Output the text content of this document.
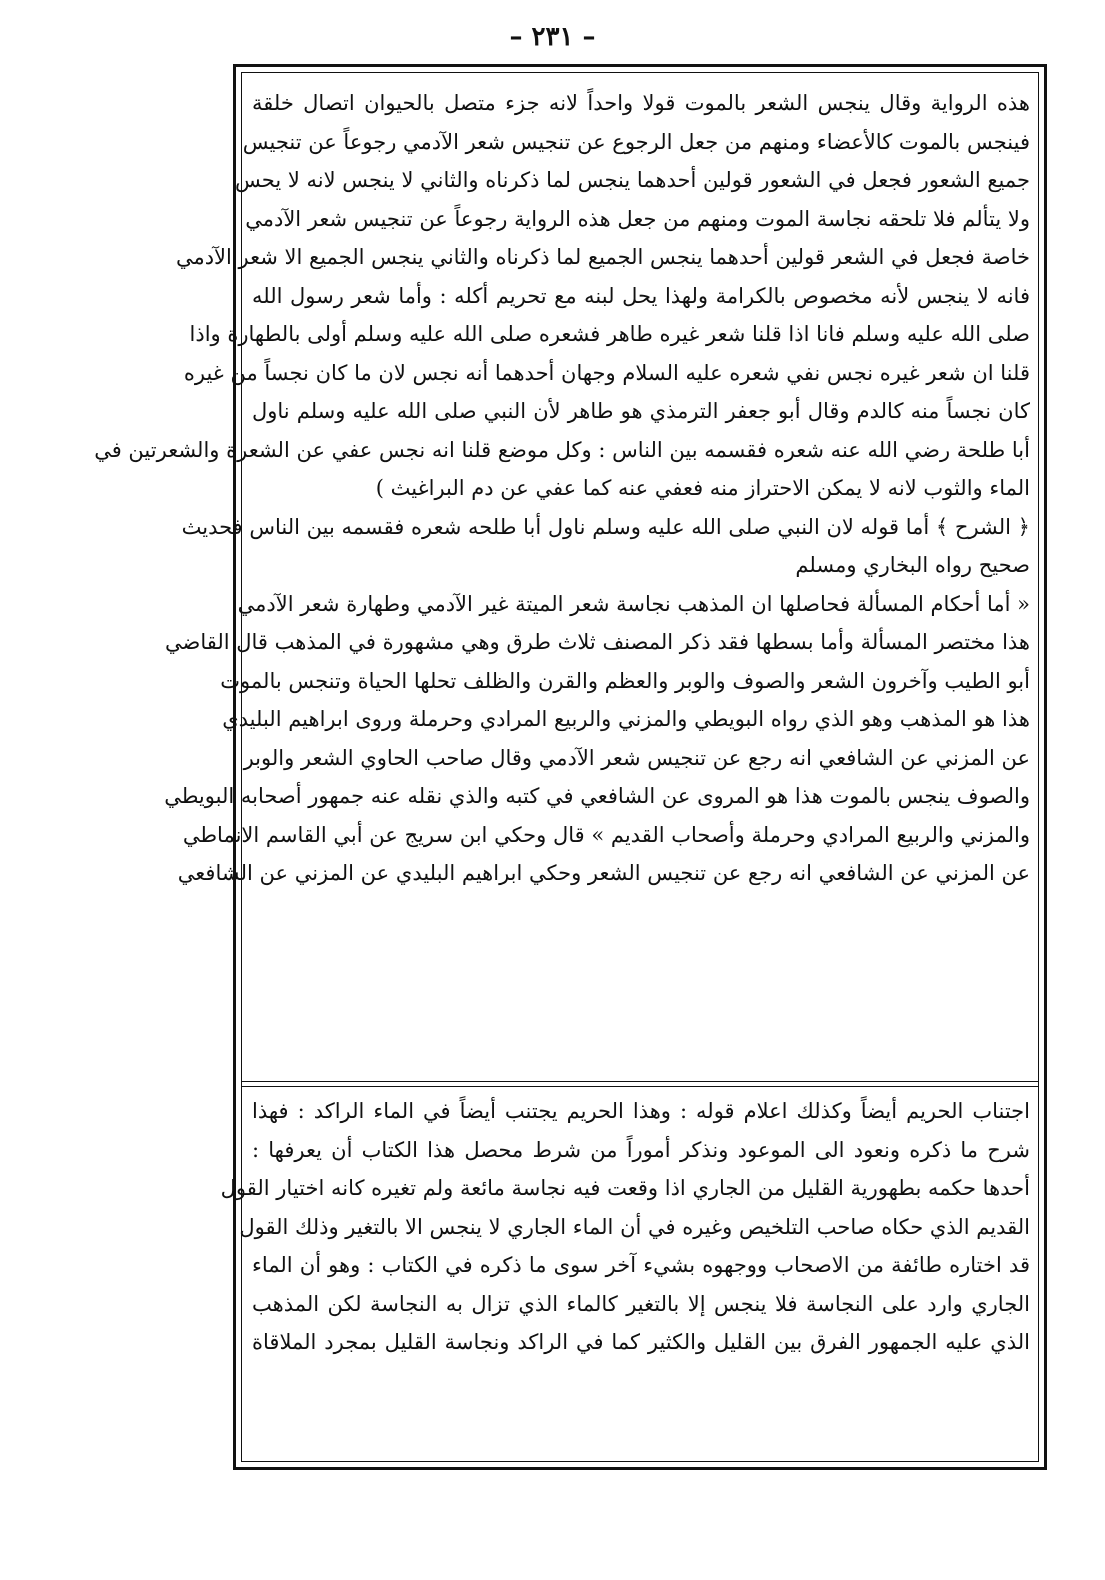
– ٢٣١ –
هذه الرواية وقال ينجس الشعر بالموت قولا واحداً لانه جزء متصل بالحيوان اتصال خلقة
فينجس بالموت كالأعضاء ومنهم من جعل الرجوع عن تنجيس شعر الآدمي رجوعاً عن تنجيس
جميع الشعور فجعل في الشعور قولين أحدهما ينجس لما ذكرناه والثاني لا ينجس لانه لا يحس
ولا يتألم فلا تلحقه نجاسة الموت ومنهم من جعل هذه الرواية رجوعاً عن تنجيس شعر الآدمي
خاصة فجعل في الشعر قولين أحدهما ينجس الجميع لما ذكرناه والثاني ينجس الجميع الا شعر الآدمي
فانه لا ينجس لأنه مخصوص بالكرامة ولهذا يحل لبنه مع تحريم أكله : وأما شعر رسول الله
صلى الله عليه وسلم فانا اذا قلنا شعر غيره طاهر فشعره صلى الله عليه وسلم أولى بالطهارة واذا
قلنا ان شعر غيره نجس نفي شعره عليه السلام وجهان أحدهما أنه نجس لان ما كان نجساً من غيره
كان نجساً منه كالدم وقال أبو جعفر الترمذي هو طاهر لأن النبي صلى الله عليه وسلم ناول
أبا طلحة رضي الله عنه شعره فقسمه بين الناس : وكل موضع قلنا انه نجس عفي عن الشعرة والشعرتين في
الماء والثوب لانه لا يمكن الاحتراز منه فعفي عنه كما عفي عن دم البراغيث )
﴿ الشرح ﴾ أما قوله لان النبي صلى الله عليه وسلم ناول أبا طلحه شعره فقسمه بين الناس فحديث
صحيح رواه البخاري ومسلم
« أما أحكام المسألة فحاصلها ان المذهب نجاسة شعر الميتة غير الآدمي وطهارة شعر الآدمي
هذا مختصر المسألة وأما بسطها فقد ذكر المصنف ثلاث طرق وهي مشهورة في المذهب قال القاضي
أبو الطيب وآخرون الشعر والصوف والوبر والعظم والقرن والظلف تحلها الحياة وتنجس بالموت
هذا هو المذهب وهو الذي رواه البويطي والمزني والربيع المرادي وحرملة وروى ابراهيم البليدي
عن المزني عن الشافعي انه رجع عن تنجيس شعر الآدمي وقال صاحب الحاوي الشعر والوبر
والصوف ينجس بالموت هذا هو المروى عن الشافعي في كتبه والذي نقله عنه جمهور أصحابه البويطي
والمزني والربيع المرادي وحرملة وأصحاب القديم » قال وحكي ابن سريج عن أبي القاسم الانماطي
عن المزني عن الشافعي انه رجع عن تنجيس الشعر وحكي ابراهيم البليدي عن المزني عن الشافعي
اجتناب الحريم أيضاً وكذلك اعلام قوله : وهذا الحريم يجتنب أيضاً في الماء الراكد : فهذا
شرح ما ذكره ونعود الى الموعود ونذكر أموراً من شرط محصل هذا الكتاب أن يعرفها :
أحدها حكمه بطهورية القليل من الجاري اذا وقعت فيه نجاسة مائعة ولم تغيره كانه اختيار القول
القديم الذي حكاه صاحب التلخيص وغيره في أن الماء الجاري لا ينجس الا بالتغير وذلك القول
قد اختاره طائفة من الاصحاب ووجهوه بشيء آخر سوى ما ذكره في الكتاب : وهو أن الماء
الجاري وارد على النجاسة فلا ينجس إلا بالتغير كالماء الذي تزال به النجاسة لكن المذهب
الذي عليه الجمهور الفرق بين القليل والكثير كما في الراكد ونجاسة القليل بمجرد الملاقاة
